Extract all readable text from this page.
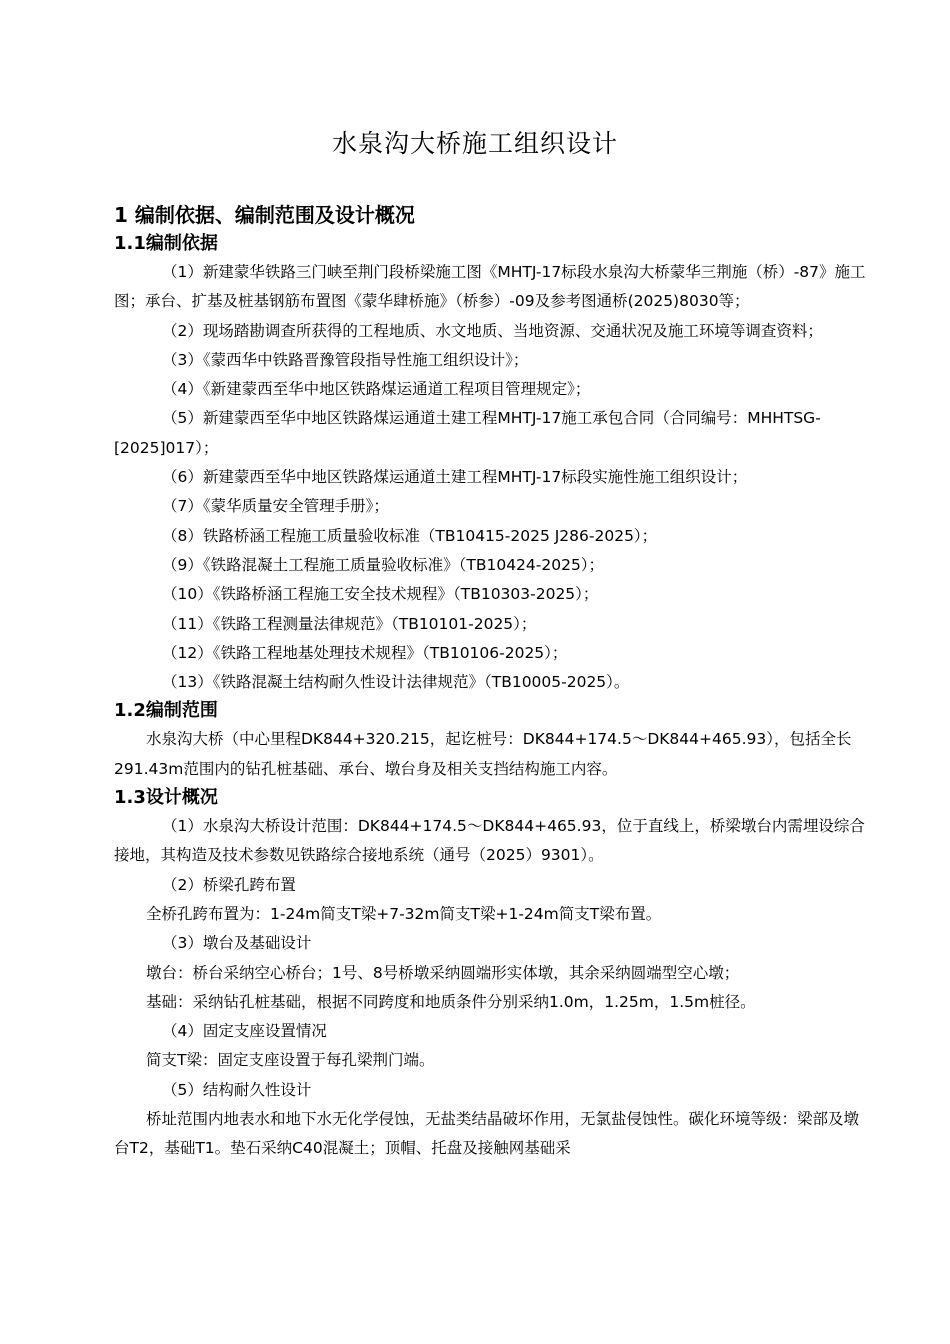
水泉沟大桥施工组织设计
1 编制依据、编制范围及设计概况
1.1编制依据

（1）新建蒙华铁路三门峡至荆门段桥梁施工图《MHTJ-17标段水泉沟大桥蒙华三荆施（桥）-87》施工图；承台、扩基及桩基钢筋布置图《蒙华肆桥施》（桥参）-09及参考图通桥(2025)8030等；

（2）现场踏勘调查所获得的工程地质、水文地质、当地资源、交通状况及施工环境等调查资料；

（3）《蒙西华中铁路晋豫管段指导性施工组织设计》；

（4）《新建蒙西至华中地区铁路煤运通道工程项目管理规定》；

（5）新建蒙西至华中地区铁路煤运通道土建工程MHTJ-17施工承包合同（合同编号：MHHTSG-[2025]017）；

（6）新建蒙西至华中地区铁路煤运通道土建工程MHTJ-17标段实施性施工组织设计；

（7）《蒙华质量安全管理手册》；

（8）铁路桥涵工程施工质量验收标准（TB10415-2025 J286-2025）；

（9）《铁路混凝土工程施工质量验收标准》（TB10424-2025）；

（10）《铁路桥涵工程施工安全技术规程》（TB10303-2025）；

（11）《铁路工程测量法律规范》（TB10101-2025）；

（12）《铁路工程地基处理技术规程》（TB10106-2025）；

（13）《铁路混凝土结构耐久性设计法律规范》（TB10005-2025）。

1.2编制范围

水泉沟大桥（中心里程DK844+320.215，起讫桩号：DK844+174.5～DK844+465.93），包括全长291.43m范围内的钻孔桩基础、承台、墩台身及相关支挡结构施工内容。

1.3设计概况

（1）水泉沟大桥设计范围：DK844+174.5～DK844+465.93，位于直线上，桥梁墩台内需埋设综合接地，其构造及技术参数见铁路综合接地系统（通号（2025）9301）。

（2）桥梁孔跨布置

全桥孔跨布置为：1-24m简支T梁+7-32m简支T梁+1-24m简支T梁布置。

（3）墩台及基础设计

墩台：桥台采纳空心桥台；1号、8号桥墩采纳圆端形实体墩，其余采纳圆端型空心墩；

基础：采纳钻孔桩基础，根据不同跨度和地质条件分别采纳1.0m，1.25m，1.5m桩径。

（4）固定支座设置情况

简支T梁：固定支座设置于每孔梁荆门端。

（5）结构耐久性设计

桥址范围内地表水和地下水无化学侵蚀，无盐类结晶破坏作用，无氯盐侵蚀性。碳化环境等级：梁部及墩台T2，基础T1。垫石采纳C40混凝土；顶帽、托盘及接触网基础采
